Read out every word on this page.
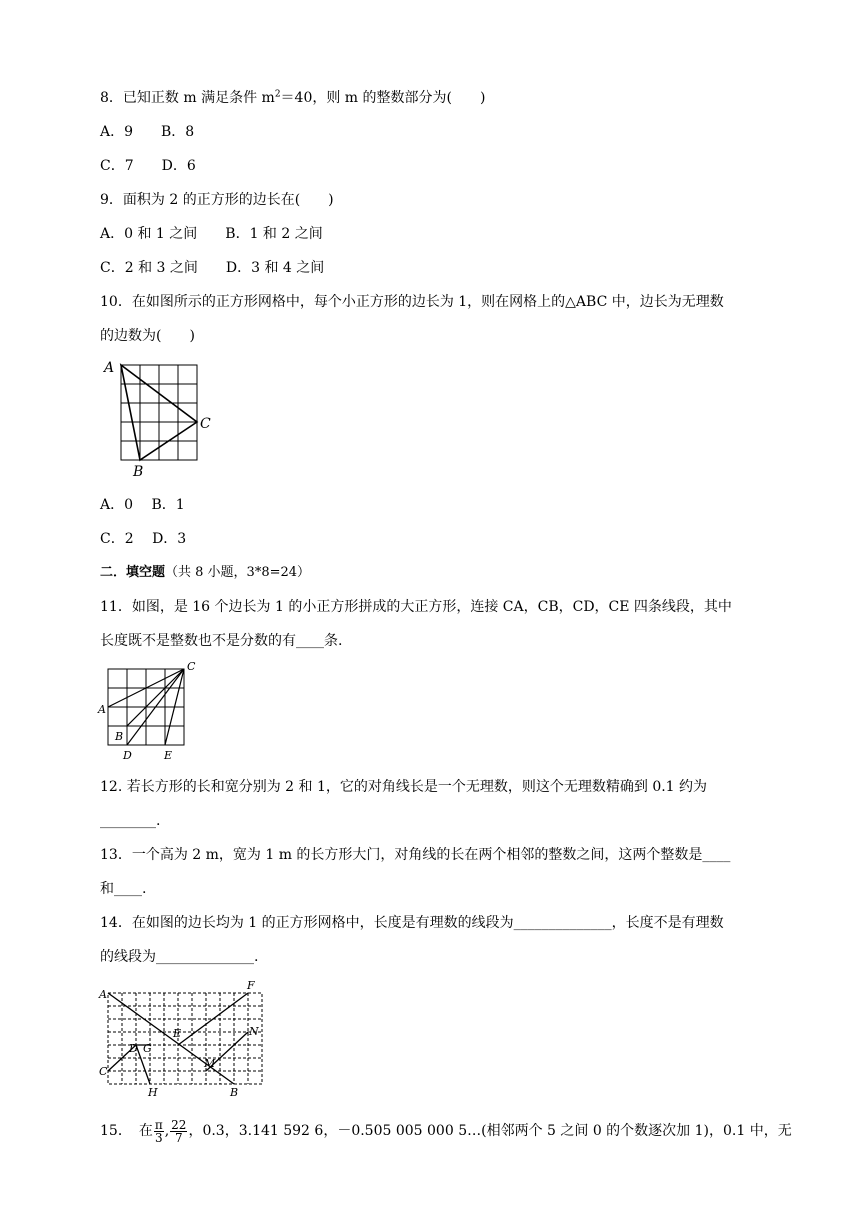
8．已知正数 m 满足条件 $m^2=40$，则 m 的整数部分为(　　)
A．9　　B．8
C．7　　D．6
9．面积为 2 的正方形的边长在(　　)
A．0 和 1 之间　　B．1 和 2 之间
C．2 和 3 之间　　D．3 和 4 之间
10．在如图所示的正方形网格中，每个小正方形的边长为 1，则在网格上的△ABC 中，边长为无理数
的边数为(　　)
A
C
B
A．0　 B．1
C．2　 D．3
二．填空题（共 8 小题，3*8=24）
11．如图，是 16 个边长为 1 的小正方形拼成的大正方形，连接 CA，CB，CD，CE 四条线段，其中
长度既不是整数也不是分数的有____条.
C
A
B
D	E
12. 若长方形的长和宽分别为 2 和 1，它的对角线长是一个无理数，则这个无理数精确到 0.1 约为
________.
13．一个高为 2 m，宽为 1 m 的长方形大门，对角线的长在两个相邻的整数之间，这两个整数是____
和____.
14．在如图的边长均为 1 的正方形网格中，长度是有理数的线段为______________，长度不是有理数
的线段为______________.
A
F
N
E
D G
M
C
H	B
15．　 在 $\frac{\pi}{3}$ , $\frac{22}{7}$ ，0.3，3.141 592 6，－0.505 005 000 5…(相邻两个 5 之间 0 的个数逐次加 1)，0.1 中，无
